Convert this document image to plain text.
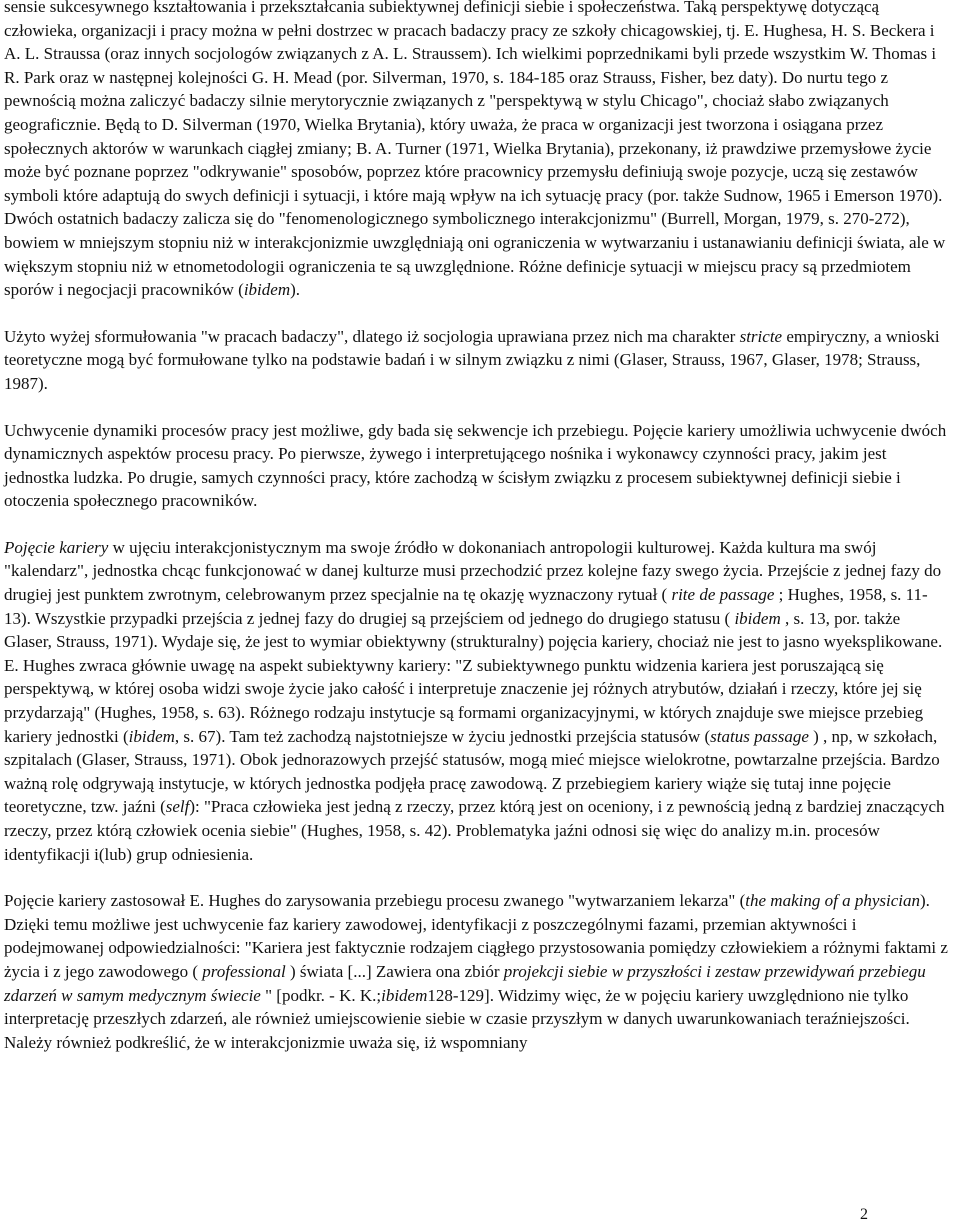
sensie sukcesywnego kształtowania i przekształcania subiektywnej definicji siebie i społeczeństwa. Taką perspektywę dotyczącą człowieka, organizacji i pracy można w pełni dostrzec w pracach badaczy pracy ze szkoły chicagowskiej, tj. E. Hughesa, H. S. Beckera i A. L. Straussa (oraz innych socjologów związanych z A. L. Straussem). Ich wielkimi poprzednikami byli przede wszystkim W. Thomas i R. Park oraz w następnej kolejności G. H. Mead (por. Silverman, 1970, s. 184-185 oraz Strauss, Fisher, bez daty). Do nurtu tego z pewnością można zaliczyć badaczy silnie merytorycznie związanych z "perspektywą w stylu Chicago", chociaż słabo związanych geograficznie. Będą to D. Silverman (1970, Wielka Brytania), który uważa, że praca w organizacji jest tworzona i osiągana przez społecznych aktorów w warunkach ciągłej zmiany; B. A. Turner (1971, Wielka Brytania), przekonany, iż prawdziwe przemysłowe życie może być poznane poprzez "odkrywanie" sposobów, poprzez które pracownicy przemysłu definiują swoje pozycje, uczą się zestawów symboli które adaptują do swych definicji i sytuacji, i które mają wpływ na ich sytuację pracy (por. także Sudnow, 1965 i Emerson 1970). Dwóch ostatnich badaczy zalicza się do "fenomenologicznego symbolicznego interakcjonizmu" (Burrell, Morgan, 1979, s. 270-272), bowiem w mniejszym stopniu niż w interakcjonizmie uwzględniają oni ograniczenia w wytwarzaniu i ustanawianiu definicji świata, ale w większym stopniu niż w etnometodologii ograniczenia te są uwzględnione. Różne definicje sytuacji w miejscu pracy są przedmiotem sporów i negocjacji pracowników (ibidem).

Użyto wyżej sformułowania "w pracach badaczy", dlatego iż socjologia uprawiana przez nich ma charakter stricte empiryczny, a wnioski teoretyczne mogą być formułowane tylko na podstawie badań i w silnym związku z nimi (Glaser, Strauss, 1967, Glaser, 1978; Strauss, 1987).

Uchwycenie dynamiki procesów pracy jest możliwe, gdy bada się sekwencje ich przebiegu. Pojęcie kariery umożliwia uchwycenie dwóch dynamicznych aspektów procesu pracy. Po pierwsze, żywego i interpretującego nośnika i wykonawcy czynności pracy, jakim jest jednostka ludzka. Po drugie, samych czynności pracy, które zachodzą w ścisłym związku z procesem subiektywnej definicji siebie i otoczenia społecznego pracowników.

Pojęcie kariery w ujęciu interakcjonistycznym ma swoje źródło w dokonaniach antropologii kulturowej. Każda kultura ma swój "kalendarz", jednostka chcąc funkcjonować w danej kulturze musi przechodzić przez kolejne fazy swego życia. Przejście z jednej fazy do drugiej jest punktem zwrotnym, celebrowanym przez specjalnie na tę okazję wyznaczony rytuał ( rite de passage ; Hughes, 1958, s. 11-13). Wszystkie przypadki przejścia z jednej fazy do drugiej są przejściem od jednego do drugiego statusu ( ibidem , s. 13, por. także Glaser, Strauss, 1971). Wydaje się, że jest to wymiar obiektywny (strukturalny) pojęcia kariery, chociaż nie jest to jasno wyeksplikowane. E. Hughes zwraca głównie uwagę na aspekt subiektywny kariery: "Z subiektywnego punktu widzenia kariera jest poruszającą się perspektywą, w której osoba widzi swoje życie jako całość i interpretuje znaczenie jej różnych atrybutów, działań i rzeczy, które jej się przydarzają" (Hughes, 1958, s. 63). Różnego rodzaju instytucje są formami organizacyjnymi, w których znajduje swe miejsce przebieg kariery jednostki (ibidem, s. 67). Tam też zachodzą najstotniejsze w życiu jednostki przejścia statusów (status passage ) , np, w szkołach, szpitalach (Glaser, Strauss, 1971). Obok jednorazowych przejść statusów, mogą mieć miejsce wielokrotne, powtarzalne przejścia. Bardzo ważną rolę odgrywają instytucje, w których jednostka podjęła pracę zawodową. Z przebiegiem kariery wiąże się tutaj inne pojęcie teoretyczne, tzw. jaźni (self): "Praca człowieka jest jedną z rzeczy, przez którą jest on oceniony, i z pewnością jedną z bardziej znaczących rzeczy, przez którą człowiek ocenia siebie" (Hughes, 1958, s. 42). Problematyka jaźni odnosi się więc do analizy m.in. procesów identyfikacji i(lub) grup odniesienia.

Pojęcie kariery zastosował E. Hughes do zarysowania przebiegu procesu zwanego "wytwarzaniem lekarza" (the making of a physician). Dzięki temu możliwe jest uchwycenie faz kariery zawodowej, identyfikacji z poszczególnymi fazami, przemian aktywności i podejmowanej odpowiedzialności: "Kariera jest faktycznie rodzajem ciągłego przystosowania pomiędzy człowiekiem a różnymi faktami z życia i z jego zawodowego ( professional ) świata [...] Zawiera ona zbiór projekcji siebie w przyszłości i zestaw przewidywań przebiegu zdarzeń w samym medycznym świecie " [podkr. - K. K.;ibidem128-129]. Widzimy więc, że w pojęciu kariery uwzględniono nie tylko interpretację przeszłych zdarzeń, ale również umiejscowienie siebie w czasie przyszłym w danych uwarunkowaniach teraźniejszości. Należy również podkreślić, że w interakcjonizmie uważa się, iż wspomniany

2
